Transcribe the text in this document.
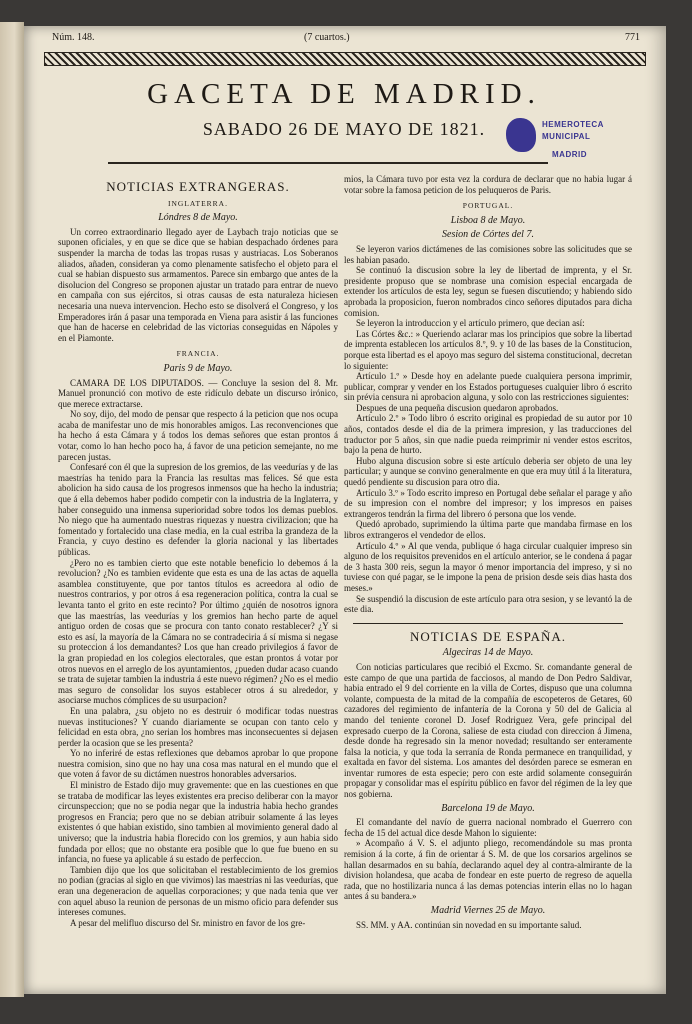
Núm. 148.	(7 cuartos.)	771
GACETA DE MADRID.
SABADO 26 DE MAYO DE 1821.	HEMEROTECA
MUNICIPAL
MADRID
NOTICIAS EXTRANGERAS.
INGLATERRA.
Lóndres 8 de Mayo.

Un correo extraordinario llegado ayer de Laybach trajo noticias que se suponen oficiales, y en que se dice que se habian despachado órdenes para suspender la marcha de todas las tropas rusas y austriacas. Los Soberanos aliados, añaden, consideran ya como plenamente satisfecho el objeto para el cual se habian dispuesto sus armamentos. Parece sin embargo que antes de la disolucion del Congreso se proponen ajustar un tratado para entrar de nuevo en campaña con sus ejércitos, si otras causas de esta naturaleza hiciesen necesaria una nueva intervencion. Hecho esto se disolverá el Congreso, y los Emperadores irán á pasar una temporada en Viena para asistir á las funciones que han de hacerse en celebridad de las victorias conseguidas en Nápoles y en el Piamonte.

FRANCIA.
Paris 9 de Mayo.

CAMARA DE LOS DIPUTADOS. — Concluye la sesion del 8. Mr. Manuel pronunció con motivo de este ridículo debate un discurso irónico, que merece extractarse.

No soy, dijo, del modo de pensar que respecto á la peticion que nos ocupa acaba de manifestar uno de mis honorables amigos. Las reconvenciones que ha hecho á esta Cámara y á todos los demas señores que estan prontos á votar, como lo han hecho poco ha, á favor de una peticion semejante, no me parecen justas.

Confesaré con él que la supresion de los gremios, de las veedurías y de las maestrías ha tenido para la Francia las resultas mas felices. Sé que esta abolicion ha sido causa de los progresos inmensos que ha hecho la industria; que á ella debemos haber podido competir con la industria de la Inglaterra, y haber conseguido una inmensa superioridad sobre todos los demas pueblos. No niego que ha aumentado nuestras riquezas y nuestra civilizacion; que ha fomentado y fortalecido una clase media, en la cual estriba la grandeza de la Francia, y cuyo destino es defender la gloria nacional y las libertades públicas.

¿Pero no es tambien cierto que este notable beneficio lo debemos á la revolucion? ¿No es tambien evidente que esta es una de las actas de aquella asamblea constituyente, que por tantos títulos es acreedora al odio de nuestros contrarios, y por otros á esa regeneracion política, contra la cual se levanta tanto el grito en este recinto? Por último ¿quién de nosotros ignora que las maestrías, las veedurías y los gremios han hecho parte de aquel antiguo orden de cosas que se procura con tanto conato restablecer? ¿Y si esto es así, la mayoría de la Cámara no se contradeciria á sí misma si negase su proteccion á los demandantes? Los que han creado privilegios á favor de la gran propiedad en los colegios electorales, que estan prontos á votar por otros nuevos en el arreglo de los ayuntamientos, ¿pueden dudar acaso cuando se trata de sujetar tambien la industria á este nuevo régimen? ¿No es el medio mas seguro de consolidar los suyos establecer otros á su alrededor, y asociarse muchos cómplices de su usurpacion?

En una palabra, ¿su objeto no es destruir ó modificar todas nuestras nuevas instituciones? Y cuando diariamente se ocupan con tanto celo y felicidad en esta obra, ¿no serian los hombres mas inconsecuentes si dejasen perder la ocasion que se les presenta?

Yo no inferiré de estas reflexiones que debamos aprobar lo que propone nuestra comision, sino que no hay una cosa mas natural en el mundo que el que voten á favor de su dictámen nuestros honorables adversarios.

El ministro de Estado dijo muy gravemente: que en las cuestiones en que se trataba de modificar las leyes existentes era preciso deliberar con la mayor circunspeccion; que no se podia negar que la industria habia hecho grandes progresos en Francia; pero que no se debian atribuir solamente á las leyes existentes ó que habian existido, sino tambien al movimiento general dado al universo; que la industria habia florecido con los gremios, y aun habia sido fundada por ellos; que no obstante era posible que lo que fue bueno en su infancia, no fuese ya aplicable á su estado de perfeccion.

Tambien dijo que los que solicitaban el restablecimiento de los gremios no podian (gracias al siglo en que vivimos) las maestrías ni las veedurías, que eran una degeneracion de aquellas corporaciones; y que nada tenia que ver con aquel abuso la reunion de personas de un mismo oficio para defender sus intereses comunes.

A pesar del melifluo discurso del Sr. ministro en favor de los gre-

mios, la Cámara tuvo por esta vez la cordura de declarar que no habia lugar á votar sobre la famosa peticion de los peluqueros de Paris.

PORTUGAL.
Lisboa 8 de Mayo.
Sesion de Córtes del 7.

Se leyeron varios dictámenes de las comisiones sobre las solicitudes que se les habian pasado.

Se continuó la discusion sobre la ley de libertad de imprenta, y el Sr. presidente propuso que se nombrase una comision especial encargada de extender los artículos de esta ley, segun se fuesen discutiendo; y habiendo sido aprobada la proposicion, fueron nombrados cinco señores diputados para dicha comision.

Se leyeron la introduccion y el artículo primero, que decian así:

Las Córtes &c.: » Queriendo aclarar mas los principios que sobre la libertad de imprenta establecen los artículos 8.º, 9. y 10 de las bases de la Constitucion, porque esta libertad es el apoyo mas seguro del sistema constitucional, decretan lo siguiente:

Artículo 1.º » Desde hoy en adelante puede cualquiera persona imprimir, publicar, comprar y vender en los Estados portugueses cualquier libro ó escrito sin prévia censura ni aprobacion alguna, y solo con las restricciones siguientes:

Despues de una pequeña discusion quedaron aprobados.

Artículo 2.º » Todo libro ó escrito original es propiedad de su autor por 10 años, contados desde el dia de la primera impresion, y las traducciones del traductor por 5 años, sin que nadie pueda reimprimir ni vender estos escritos, bajo la pena de hurto.

Hubo alguna discusion sobre si este artículo deberia ser objeto de una ley particular; y aunque se convino generalmente en que era muy útil á la literatura, quedó pendiente su discusion para otro dia.

Artículo 3.º » Todo escrito impreso en Portugal debe señalar el parage y año de su impresion con el nombre del impresor; y los impresos en paises extrangeros tendrán la firma del librero ó persona que los vende.

Quedó aprobado, suprimiendo la última parte que mandaba firmase en los libros extrangeros el vendedor de ellos.

Artículo 4.º » Al que venda, publique ó haga circular cualquier impreso sin alguno de los requisitos prevenidos en el artículo anterior, se le condena á pagar de 3 hasta 300 reis, segun la mayor ó menor importancia del impreso, y si no tuviese con qué pagar, se le impone la pena de prision desde seis dias hasta dos meses.»

Se suspendió la discusion de este artículo para otra sesion, y se levantó la de este dia.

NOTICIAS DE ESPAÑA.
Algeciras 14 de Mayo.

Con noticias particulares que recibió el Excmo. Sr. comandante general de este campo de que una partida de facciosos, al mando de Don Pedro Saldivar, habia entrado el 9 del corriente en la villa de Cortes, dispuso que una columna volante, compuesta de la mitad de la compañía de escopeteros de Getares, 60 cazadores del regimiento de infantería de la Corona y 50 del de Galicia al mando del teniente coronel D. Josef Rodriguez Vera, gefe principal del expresado cuerpo de la Corona, saliese de esta ciudad con direccion á Jimena, desde donde ha regresado sin la menor novedad; resultando ser enteramente falsa la noticia, y que toda la serranía de Ronda permanece en tranquilidad, y exaltada en favor del sistema. Los amantes del desórden parece se esmeran en inventar rumores de esta especie; pero con este ardid solamente conseguirán propagar y consolidar mas el espíritu público en favor del régimen de la ley que nos gobierna.

Barcelona 19 de Mayo.

El comandante del navío de guerra nacional nombrado el Guerrero con fecha de 15 del actual dice desde Mahon lo siguiente:

» Acompaño á V. S. el adjunto pliego, recomendándole su mas pronta remision á la corte, á fin de orientar á S. M. de que los corsarios argelinos se hallan desarmados en su bahía, declarando aquel dey al contra-almirante de la division holandesa, que acaba de fondear en este puerto de regreso de aquella rada, que no hostilizaria nunca á las demas potencias interin ellas no lo hagan antes á su bandera.»

Madrid Viernes 25 de Mayo.

SS. MM. y AA. continúan sin novedad en su importante salud.
